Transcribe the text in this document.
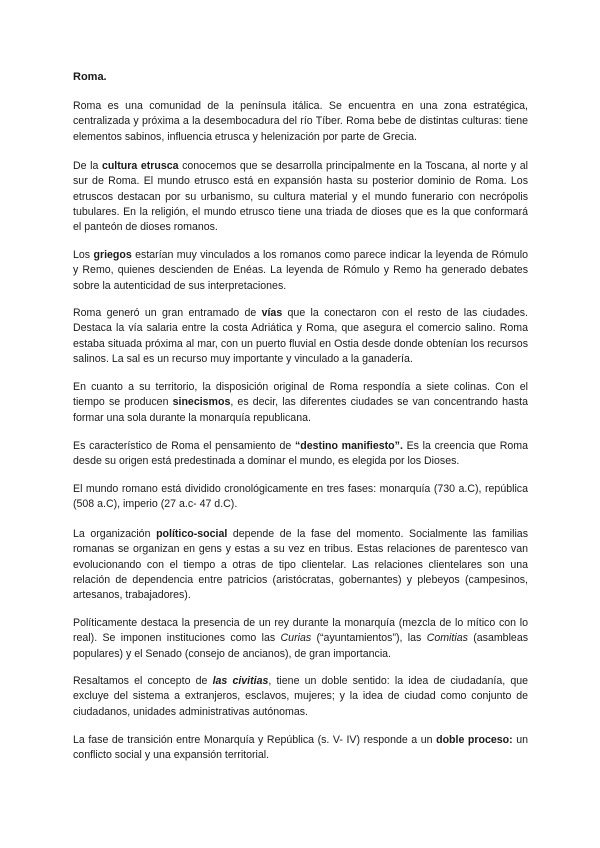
Roma.

Roma es una comunidad de la península itálica. Se encuentra en una zona estratégica, centralizada y próxima a la desembocadura del río Tíber. Roma bebe de distintas culturas: tiene elementos sabinos, influencia etrusca y helenización por parte de Grecia.

De la cultura etrusca conocemos que se desarrolla principalmente en la Toscana, al norte y al sur de Roma. El mundo etrusco está en expansión hasta su posterior dominio de Roma. Los etruscos destacan por su urbanismo, su cultura material y el mundo funerario con necrópolis tubulares. En la religión, el mundo etrusco tiene una triada de dioses que es la que conformará el panteón de dioses romanos.

Los griegos estarían muy vinculados a los romanos como parece indicar la leyenda de Rómulo y Remo, quienes descienden de Enéas. La leyenda de Rómulo y Remo ha generado debates sobre la autenticidad de sus interpretaciones.

Roma generó un gran entramado de vías que la conectaron con el resto de las ciudades. Destaca la vía salaria entre la costa Adriática y Roma, que asegura el comercio salino. Roma estaba situada próxima al mar, con un puerto fluvial en Ostia desde donde obtenían los recursos salinos. La sal es un recurso muy importante y vinculado a la ganadería.

En cuanto a su territorio, la disposición original de Roma respondía a siete colinas. Con el tiempo se producen sinecismos, es decir, las diferentes ciudades se van concentrando hasta formar una sola durante la monarquía republicana.

Es característico de Roma el pensamiento de “destino manifiesto”. Es la creencia que Roma desde su origen está predestinada a dominar el mundo, es elegida por los Dioses.

El mundo romano está dividido cronológicamente en tres fases: monarquía (730 a.C), república (508 a.C), imperio (27 a.c- 47 d.C).

La organización político-social depende de la fase del momento. Socialmente las familias romanas se organizan en gens y estas a su vez en tribus. Estas relaciones de parentesco van evolucionando con el tiempo a otras de tipo clientelar. Las relaciones clientelares son una relación de dependencia entre patricios (aristócratas, gobernantes) y plebeyos (campesinos, artesanos, trabajadores).

Políticamente destaca la presencia de un rey durante la monarquía (mezcla de lo mítico con lo real). Se imponen instituciones como las Curias (“ayuntamientos”), las Comitias (asambleas populares) y el Senado (consejo de ancianos), de gran importancia.

Resaltamos el concepto de las civitias, tiene un doble sentido: la idea de ciudadanía, que excluye del sistema a extranjeros, esclavos, mujeres; y la idea de ciudad como conjunto de ciudadanos, unidades administrativas autónomas.

La fase de transición entre Monarquía y República (s. V- IV) responde a un doble proceso: un conflicto social y una expansión territorial.
